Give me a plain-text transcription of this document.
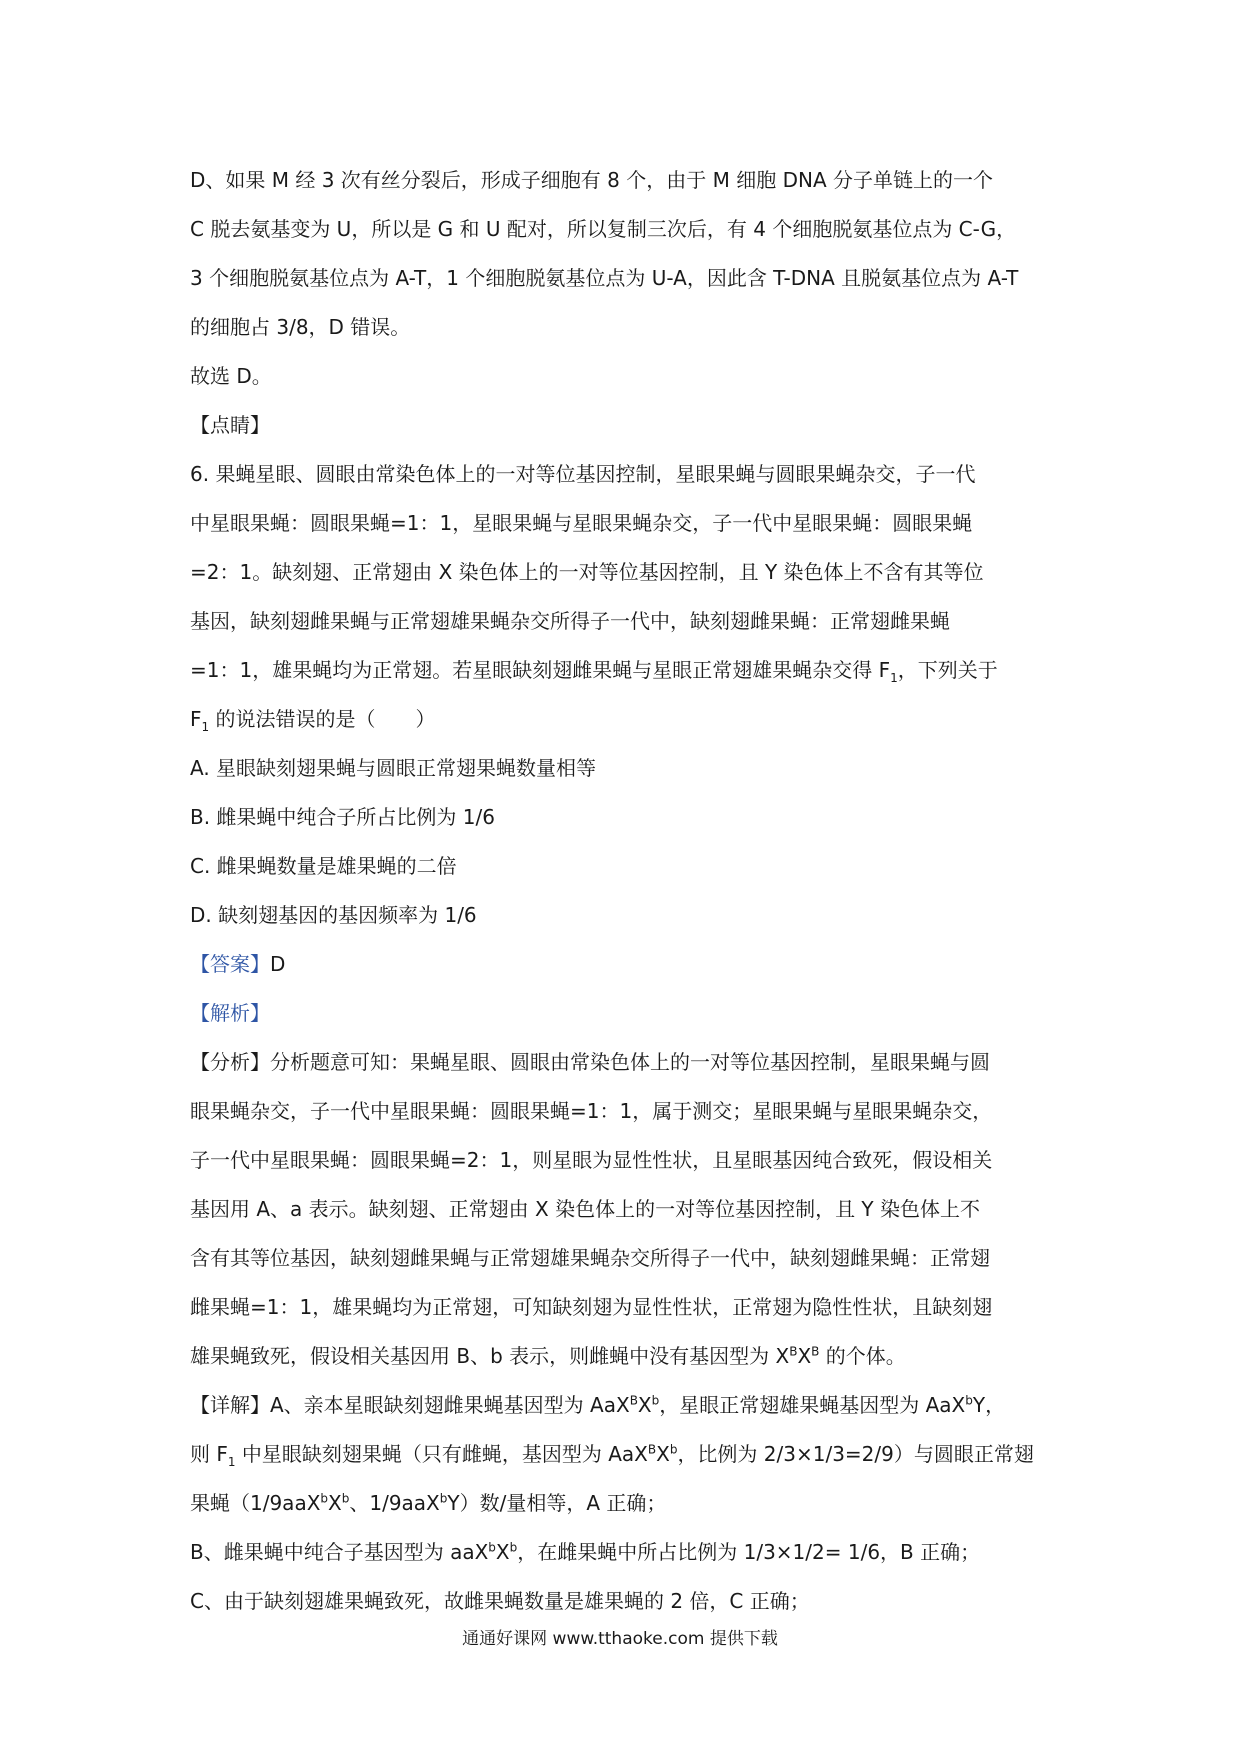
D、如果 M 经 3 次有丝分裂后，形成子细胞有 8 个，由于 M 细胞 DNA 分子单链上的一个
C 脱去氨基变为 U，所以是 G 和 U 配对，所以复制三次后，有 4 个细胞脱氨基位点为 C-G，
3 个细胞脱氨基位点为 A-T，1 个细胞脱氨基位点为 U-A，因此含 T-DNA 且脱氨基位点为 A-T
的细胞占 3/8，D 错误。
故选 D。
【点睛】
6. 果蝇星眼、圆眼由常染色体上的一对等位基因控制，星眼果蝇与圆眼果蝇杂交，子一代
中星眼果蝇：圆眼果蝇=1：1，星眼果蝇与星眼果蝇杂交，子一代中星眼果蝇：圆眼果蝇
=2：1。缺刻翅、正常翅由 X 染色体上的一对等位基因控制，且 Y 染色体上不含有其等位
基因，缺刻翅雌果蝇与正常翅雄果蝇杂交所得子一代中，缺刻翅雌果蝇：正常翅雌果蝇
=1：1，雄果蝇均为正常翅。若星眼缺刻翅雌果蝇与星眼正常翅雄果蝇杂交得 $F_1$，下列关于
$F_1$ 的说法错误的是（　　）
A. 星眼缺刻翅果蝇与圆眼正常翅果蝇数量相等
B. 雌果蝇中纯合子所占比例为 1/6
C. 雌果蝇数量是雄果蝇的二倍
D. 缺刻翅基因的基因频率为 1/6
【答案】D
【解析】
【分析】分析题意可知：果蝇星眼、圆眼由常染色体上的一对等位基因控制，星眼果蝇与圆
眼果蝇杂交，子一代中星眼果蝇：圆眼果蝇=1：1，属于测交；星眼果蝇与星眼果蝇杂交，
子一代中星眼果蝇：圆眼果蝇=2：1，则星眼为显性性状，且星眼基因纯合致死，假设相关
基因用 A、a 表示。缺刻翅、正常翅由 X 染色体上的一对等位基因控制，且 Y 染色体上不
含有其等位基因，缺刻翅雌果蝇与正常翅雄果蝇杂交所得子一代中，缺刻翅雌果蝇：正常翅
雌果蝇=1：1，雄果蝇均为正常翅，可知缺刻翅为显性性状，正常翅为隐性性状，且缺刻翅
雄果蝇致死，假设相关基因用 B、b 表示，则雌蝇中没有基因型为 $X^BX^B$ 的个体。
【详解】A、亲本星眼缺刻翅雌果蝇基因型为 $AaX^BX^b$，星眼正常翅雄果蝇基因型为 AaX$^b$Y，
则 $F_1$ 中星眼缺刻翅果蝇（只有雌蝇，基因型为 $AaX^BX^b$，比例为 2/3×1/3=2/9）与圆眼正常翅
果蝇（$1/9aaX^bX^b$、1/9aaX$^b$Y）数/量相等，A 正确；
B、雌果蝇中纯合子基因型为 $aaX^bX^b$，在雌果蝇中所占比例为 1/3×1/2= 1/6，B 正确；
C、由于缺刻翅雄果蝇致死，故雌果蝇数量是雄果蝇的 2 倍，C 正确；
通通好课网 www.tthaoke.com 提供下载
